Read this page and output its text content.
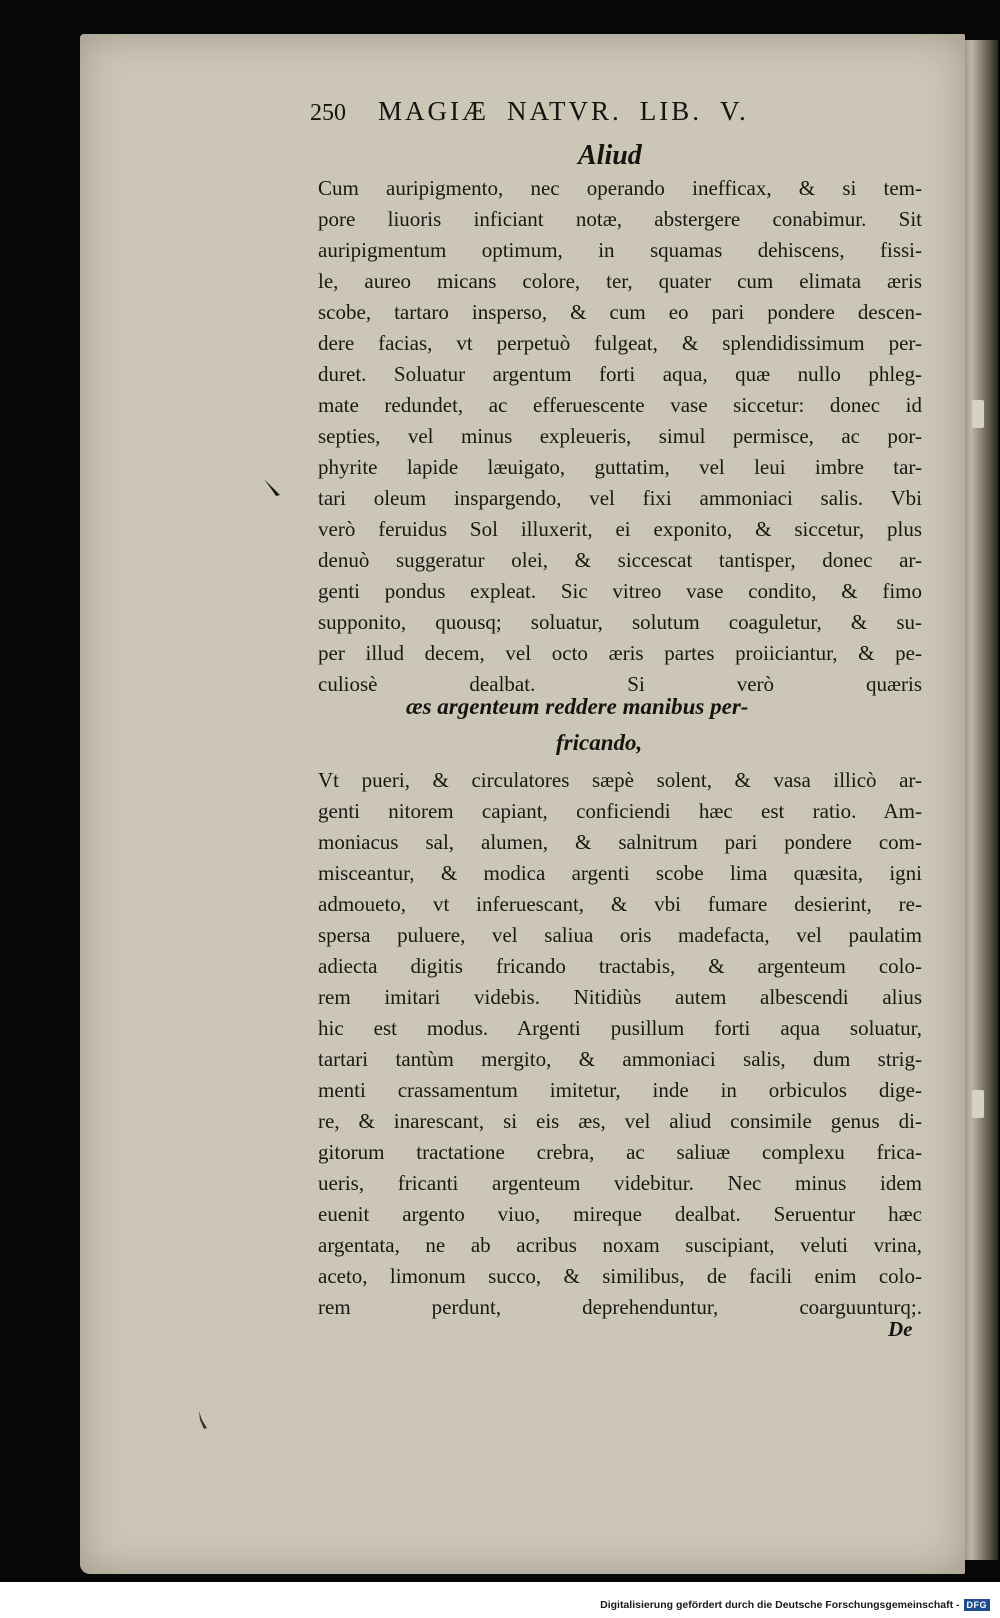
250 MAGIÆ NATVR. LIB. V.
Aliud
Cum auripigmento, nec operando inefficax, & si tem-
pore liuoris inficiant notæ, abstergere conabimur. Sit
auripigmentum optimum, in squamas dehiscens, fissi-
le, aureo micans colore, ter, quater cum elimata æris
scobe, tartaro insperso, & cum eo pari pondere descen-
dere facias, vt perpetuò fulgeat, & splendidissimum per-
duret. Soluatur argentum forti aqua, quæ nullo phleg-
mate redundet, ac efferuescente vase siccetur: donec id
septies, vel minus expleueris, simul permisce, ac por-
phyrite lapide læuigato, guttatim, vel leui imbre tar-
tari oleum inspargendo, vel fixi ammoniaci salis. Vbi
verò feruidus Sol illuxerit, ei exponito, & siccetur, plus
denuò suggeratur olei, & siccescat tantisper, donec ar-
genti pondus expleat. Sic vitreo vase condito, & fimo
supponito, quousq; soluatur, solutum coaguletur, & su-
per illud decem, vel octo æris partes proiiciantur, & pe-
culiosè dealbat. Si verò quæris
æs argenteum reddere manibus per-
fricando,
Vt pueri, & circulatores sæpè solent, & vasa illicò ar-
genti nitorem capiant, conficiendi hæc est ratio. Am-
moniacus sal, alumen, & salnitrum pari pondere com-
misceantur, & modica argenti scobe lima quæsita, igni
admoueto, vt inferuescant, & vbi fumare desierint, re-
spersa puluere, vel saliua oris madefacta, vel paulatim
adiecta digitis fricando tractabis, & argenteum colo-
rem imitari videbis. Nitidiùs autem albescendi alius
hic est modus. Argenti pusillum forti aqua soluatur,
tartari tantùm mergito, & ammoniaci salis, dum strig-
menti crassamentum imitetur, inde in orbiculos dige-
re, & inarescant, si eis æs, vel aliud consimile genus di-
gitorum tractatione crebra, ac saliuæ complexu frica-
ueris, fricanti argenteum videbitur. Nec minus idem
euenit argento viuo, mireque dealbat. Seruentur hæc
argentata, ne ab acribus noxam suscipiant, veluti vrina,
aceto, limonum succo, & similibus, de facili enim colo-
rem perdunt, deprehenduntur, coarguunturq;.
De
Digitalisierung gefördert durch die Deutsche Forschungsgemeinschaft - DFG
